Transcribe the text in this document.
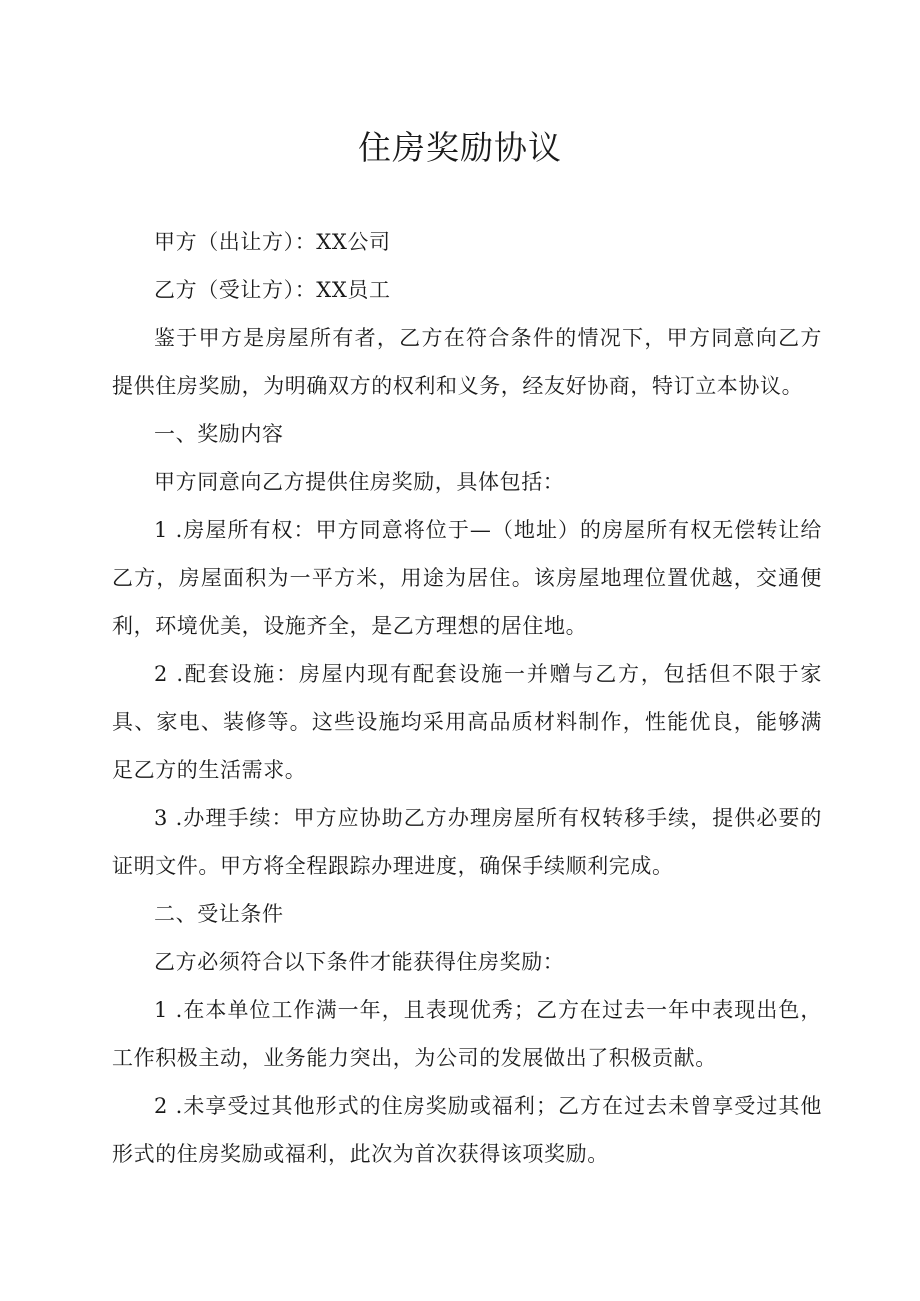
住房奖励协议

甲方（出让方）：XX公司

乙方（受让方）：XX员工

鉴于甲方是房屋所有者，乙方在符合条件的情况下，甲方同意向乙方提供住房奖励，为明确双方的权利和义务，经友好协商，特订立本协议。

一、奖励内容

甲方同意向乙方提供住房奖励，具体包括：

1 .房屋所有权：甲方同意将位于—（地址）的房屋所有权无偿转让给乙方，房屋面积为一平方米，用途为居住。该房屋地理位置优越，交通便利，环境优美，设施齐全，是乙方理想的居住地。

2 .配套设施：房屋内现有配套设施一并赠与乙方，包括但不限于家具、家电、装修等。这些设施均采用高品质材料制作，性能优良，能够满足乙方的生活需求。

3 .办理手续：甲方应协助乙方办理房屋所有权转移手续，提供必要的证明文件。甲方将全程跟踪办理进度，确保手续顺利完成。

二、受让条件

乙方必须符合以下条件才能获得住房奖励：

1 .在本单位工作满一年，且表现优秀；乙方在过去一年中表现出色，工作积极主动，业务能力突出，为公司的发展做出了积极贡献。

2 .未享受过其他形式的住房奖励或福利；乙方在过去未曾享受过其他形式的住房奖励或福利，此次为首次获得该项奖励。
